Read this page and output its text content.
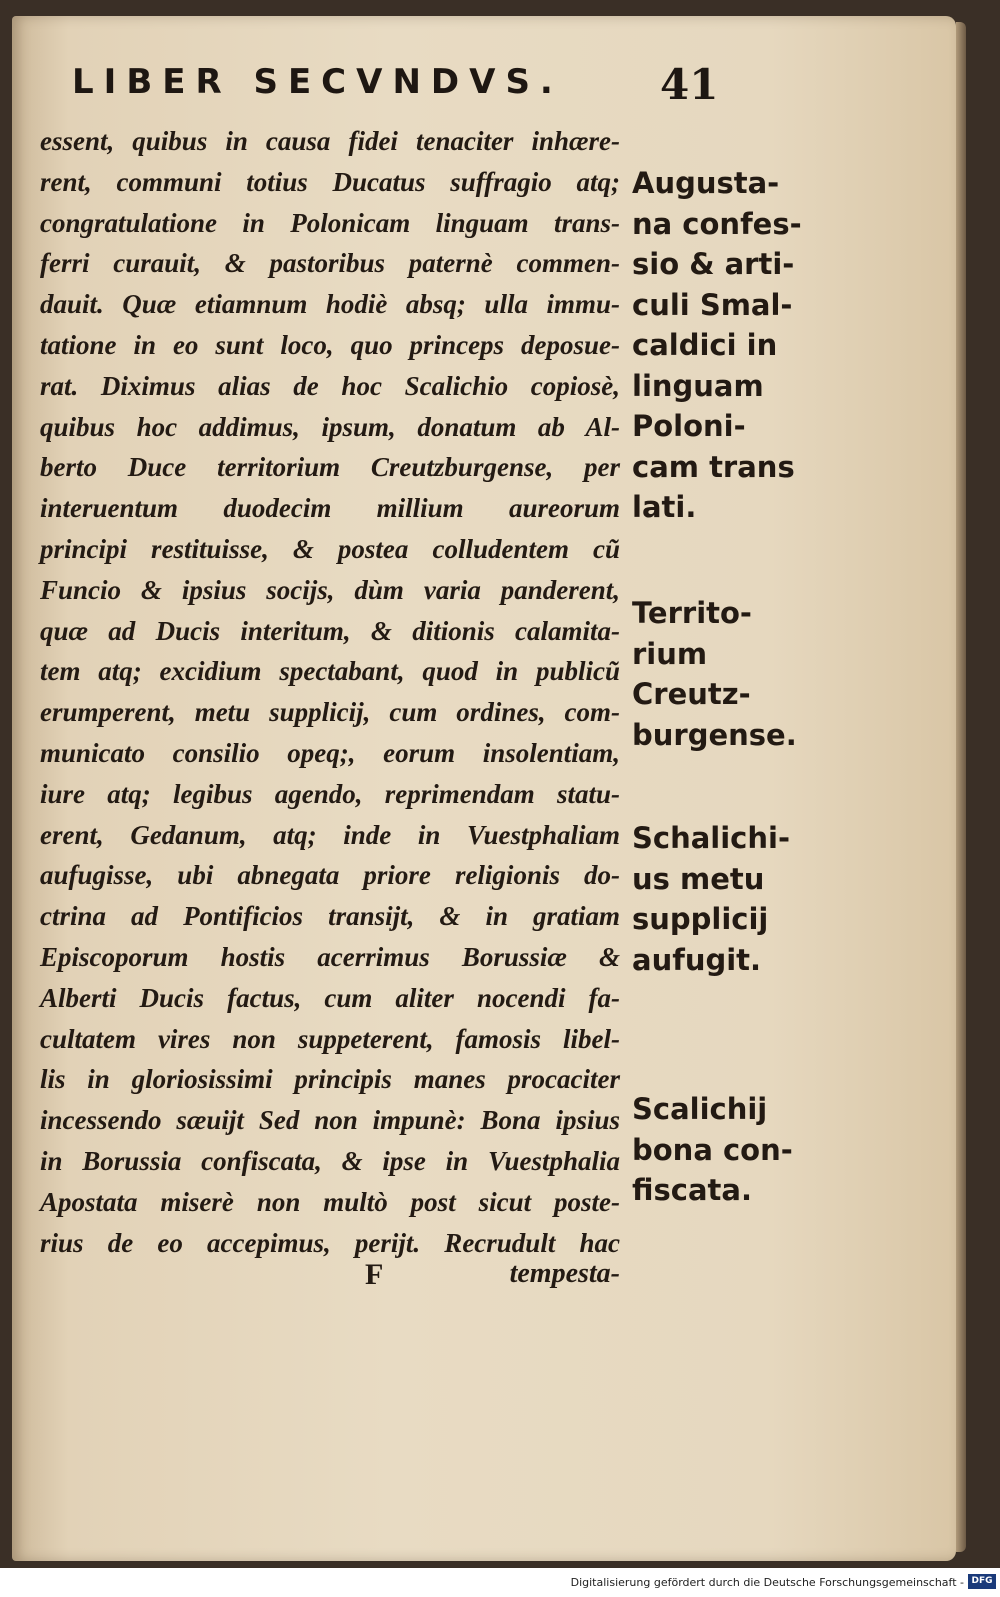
LIBER SECVNDVS.	41
essent, quibus in causa fidei tenaciter inhære-
rent, communi totius Ducatus suffragio atq;
congratulatione in Polonicam linguam trans-
ferri curauit, & pastoribus paternè commen-
dauit. Quæ etiamnum hodiè absq; ulla immu-
tatione in eo sunt loco, quo princeps deposue-
rat. Diximus alias de hoc Scalichio copiosè,
quibus hoc addimus, ipsum, donatum ab Al-
berto Duce territorium Creutzburgense, per
interuentum duodecim millium aureorum
principi restituisse, & postea colludentem cũ
Funcio & ipsius socijs, dùm varia panderent,
quæ ad Ducis interitum, & ditionis calamita-
tem atq; excidium spectabant, quod in publicũ
erumperent, metu supplicij, cum ordines, com-
municato consilio opeq;, eorum insolentiam,
iure atq; legibus agendo, reprimendam statu-
erent, Gedanum, atq; inde in Vuestphaliam
aufugisse, ubi abnegata priore religionis do-
ctrina ad Pontificios transijt, & in gratiam
Episcoporum hostis acerrimus Borussiæ &
Alberti Ducis factus, cum aliter nocendi fa-
cultatem vires non suppeterent, famosis libel-
lis in gloriosissimi principis manes procaciter
incessendo sæuijt Sed non impunè: Bona ipsius
in Borussia confiscata, & ipse in Vuestphalia
Apostata miserè non multò post sicut poste-
rius de eo accepimus, perijt. Recrudult hac
F	tempesta-
Augusta-
na confes-
sio & arti-
culi Smal-
caldici in
linguam
Poloni-
cam trans
lati.
Territo-
rium
Creutz-
burgense.
Schalichi-
us metu
supplicij
aufugit.
Scalichij
bona con-
fiscata.
Digitalisierung gefördert durch die Deutsche Forschungsgemeinschaft - DFG
